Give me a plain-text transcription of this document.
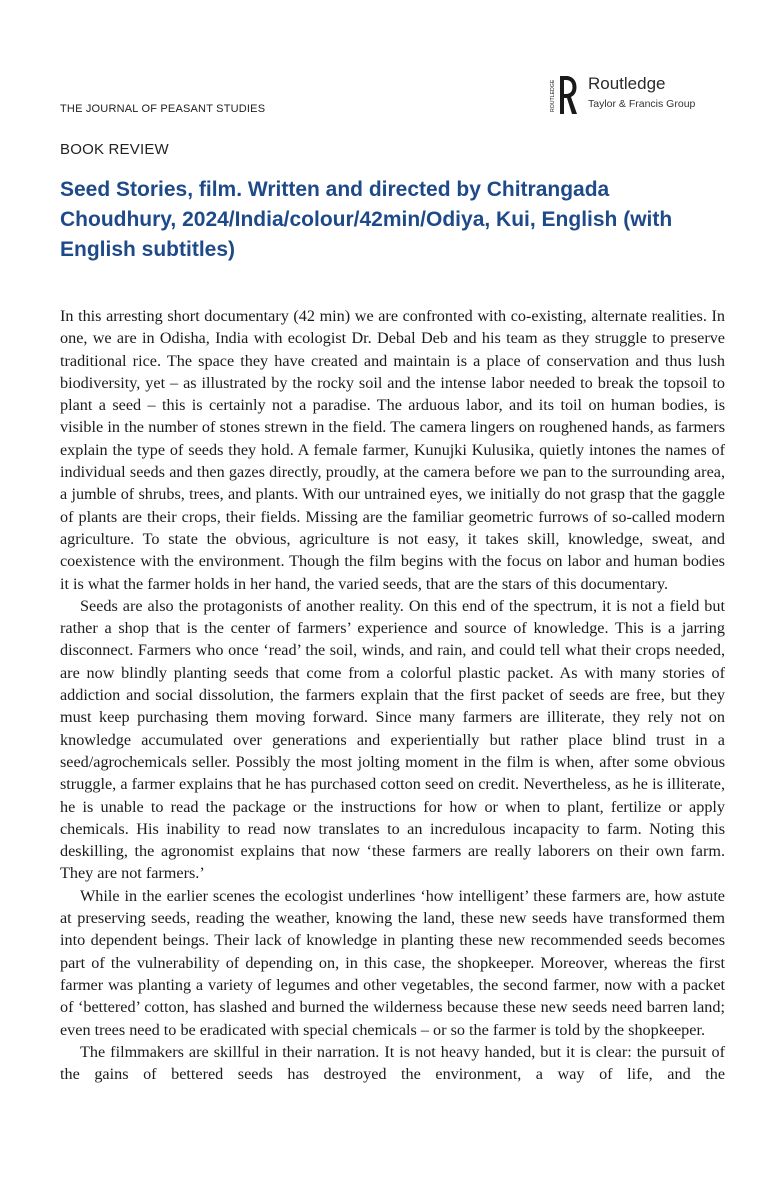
THE JOURNAL OF PEASANT STUDIES	ROUTLEDGE Routledge
Taylor & Francis Group
BOOK REVIEW
Seed Stories, film. Written and directed by Chitrangada Choudhury, 2024/India/colour/42min/Odiya, Kui, English (with English subtitles)

In this arresting short documentary (42 min) we are confronted with co-existing, alternate realities. In one, we are in Odisha, India with ecologist Dr. Debal Deb and his team as they struggle to preserve traditional rice. The space they have created and maintain is a place of conservation and thus lush biodiversity, yet – as illustrated by the rocky soil and the intense labor needed to break the topsoil to plant a seed – this is certainly not a paradise. The arduous labor, and its toil on human bodies, is visible in the number of stones strewn in the field. The camera lingers on roughened hands, as farmers explain the type of seeds they hold. A female farmer, Kunujki Kulusika, quietly intones the names of individual seeds and then gazes directly, proudly, at the camera before we pan to the surrounding area, a jumble of shrubs, trees, and plants. With our untrained eyes, we initially do not grasp that the gaggle of plants are their crops, their fields. Missing are the familiar geometric furrows of so-called modern agriculture. To state the obvious, agriculture is not easy, it takes skill, knowledge, sweat, and coexistence with the environment. Though the film begins with the focus on labor and human bodies it is what the farmer holds in her hand, the varied seeds, that are the stars of this documentary.

Seeds are also the protagonists of another reality. On this end of the spectrum, it is not a field but rather a shop that is the center of farmers’ experience and source of knowledge. This is a jarring disconnect. Farmers who once ‘read’ the soil, winds, and rain, and could tell what their crops needed, are now blindly planting seeds that come from a colorful plastic packet. As with many stories of addiction and social dissolution, the farmers explain that the first packet of seeds are free, but they must keep purchasing them moving forward. Since many farmers are illiterate, they rely not on knowledge accumulated over generations and experientially but rather place blind trust in a seed/agrochemicals seller. Possibly the most jolting moment in the film is when, after some obvious struggle, a farmer explains that he has purchased cotton seed on credit. Nevertheless, as he is illiterate, he is unable to read the package or the instructions for how or when to plant, fertilize or apply chemicals. His inability to read now translates to an incredulous incapacity to farm. Noting this deskilling, the agronomist explains that now ‘these farmers are really laborers on their own farm. They are not farmers.’

While in the earlier scenes the ecologist underlines ‘how intelligent’ these farmers are, how astute at preserving seeds, reading the weather, knowing the land, these new seeds have transformed them into dependent beings. Their lack of knowledge in planting these new recommended seeds becomes part of the vulnerability of depending on, in this case, the shopkeeper. Moreover, whereas the first farmer was planting a variety of legumes and other vegetables, the second farmer, now with a packet of ‘bettered’ cotton, has slashed and burned the wilderness because these new seeds need barren land; even trees need to be eradicated with special chemicals – or so the farmer is told by the shopkeeper.

The filmmakers are skillful in their narration. It is not heavy handed, but it is clear: the pursuit of the gains of bettered seeds has destroyed the environment, a way of life, and the
